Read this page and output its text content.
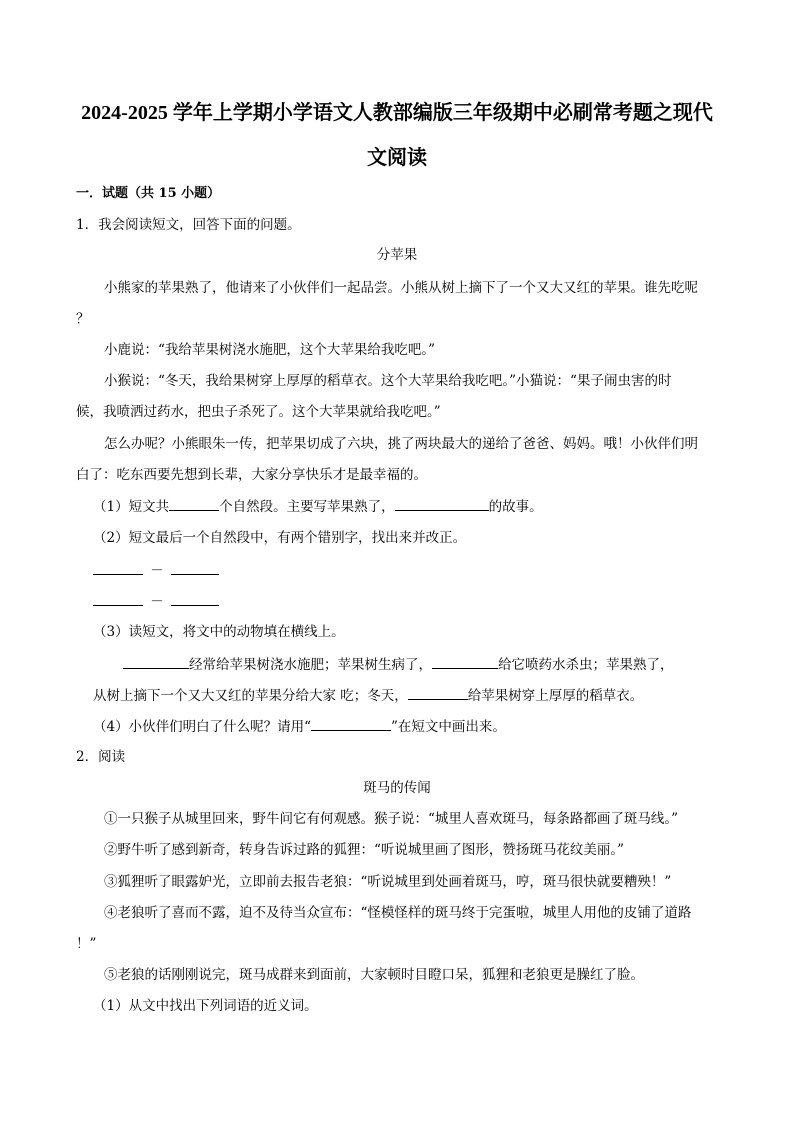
2024-2025 学年上学期小学语文人教部编版三年级期中必刷常考题之现代
文阅读
一．试题（共 15 小题）
1．我会阅读短文，回答下面的问题。
分苹果
小熊家的苹果熟了，他请来了小伙伴们一起品尝。小熊从树上摘下了一个又大又红的苹果。谁先吃呢
？
小鹿说：“我给苹果树浇水施肥，这个大苹果给我吃吧。”
小猴说：“冬天，我给果树穿上厚厚的稻草衣。这个大苹果给我吃吧。”小猫说：“果子闹虫害的时
候，我喷洒过药水，把虫子杀死了。这个大苹果就给我吃吧。”
怎么办呢？小熊眼朱一传，把苹果切成了六块，挑了两块最大的递给了爸爸、妈妈。哦！小伙伴们明
白了：吃东西要先想到长辈，大家分享快乐才是最幸福的。
（1）短文共	个自然段。主要写苹果熟了，	的故事。
（2）短文最后一个自然段中，有两个错别字，找出来并改正。
－
－
（3）读短文，将文中的动物填在横线上。
经常给苹果树浇水施肥；苹果树生病了，	给它喷药水杀虫；苹果熟了，
从树上摘下一个又大又红的苹果分给大家 吃；冬天，	给苹果树穿上厚厚的稻草衣。
（4）小伙伴们明白了什么呢？请用“	”在短文中画出来。
2．阅读
斑马的传闻
①一只猴子从城里回来，野牛问它有何观感。猴子说：“城里人喜欢斑马，每条路都画了斑马线。”
②野牛听了感到新奇，转身告诉过路的狐狸：“听说城里画了图形，赞扬斑马花纹美丽。”
③狐狸听了眼露妒光，立即前去报告老狼：“听说城里到处画着斑马，哼，斑马很快就要糟殃！”
④老狼听了喜而不露，迫不及待当众宣布：“怪模怪样的斑马终于完蛋啦，城里人用他的皮铺了道路
！”
⑤老狼的话刚刚说完，斑马成群来到面前，大家顿时目瞪口呆，狐狸和老狼更是臊红了脸。
（1）从文中找出下列词语的近义词。
